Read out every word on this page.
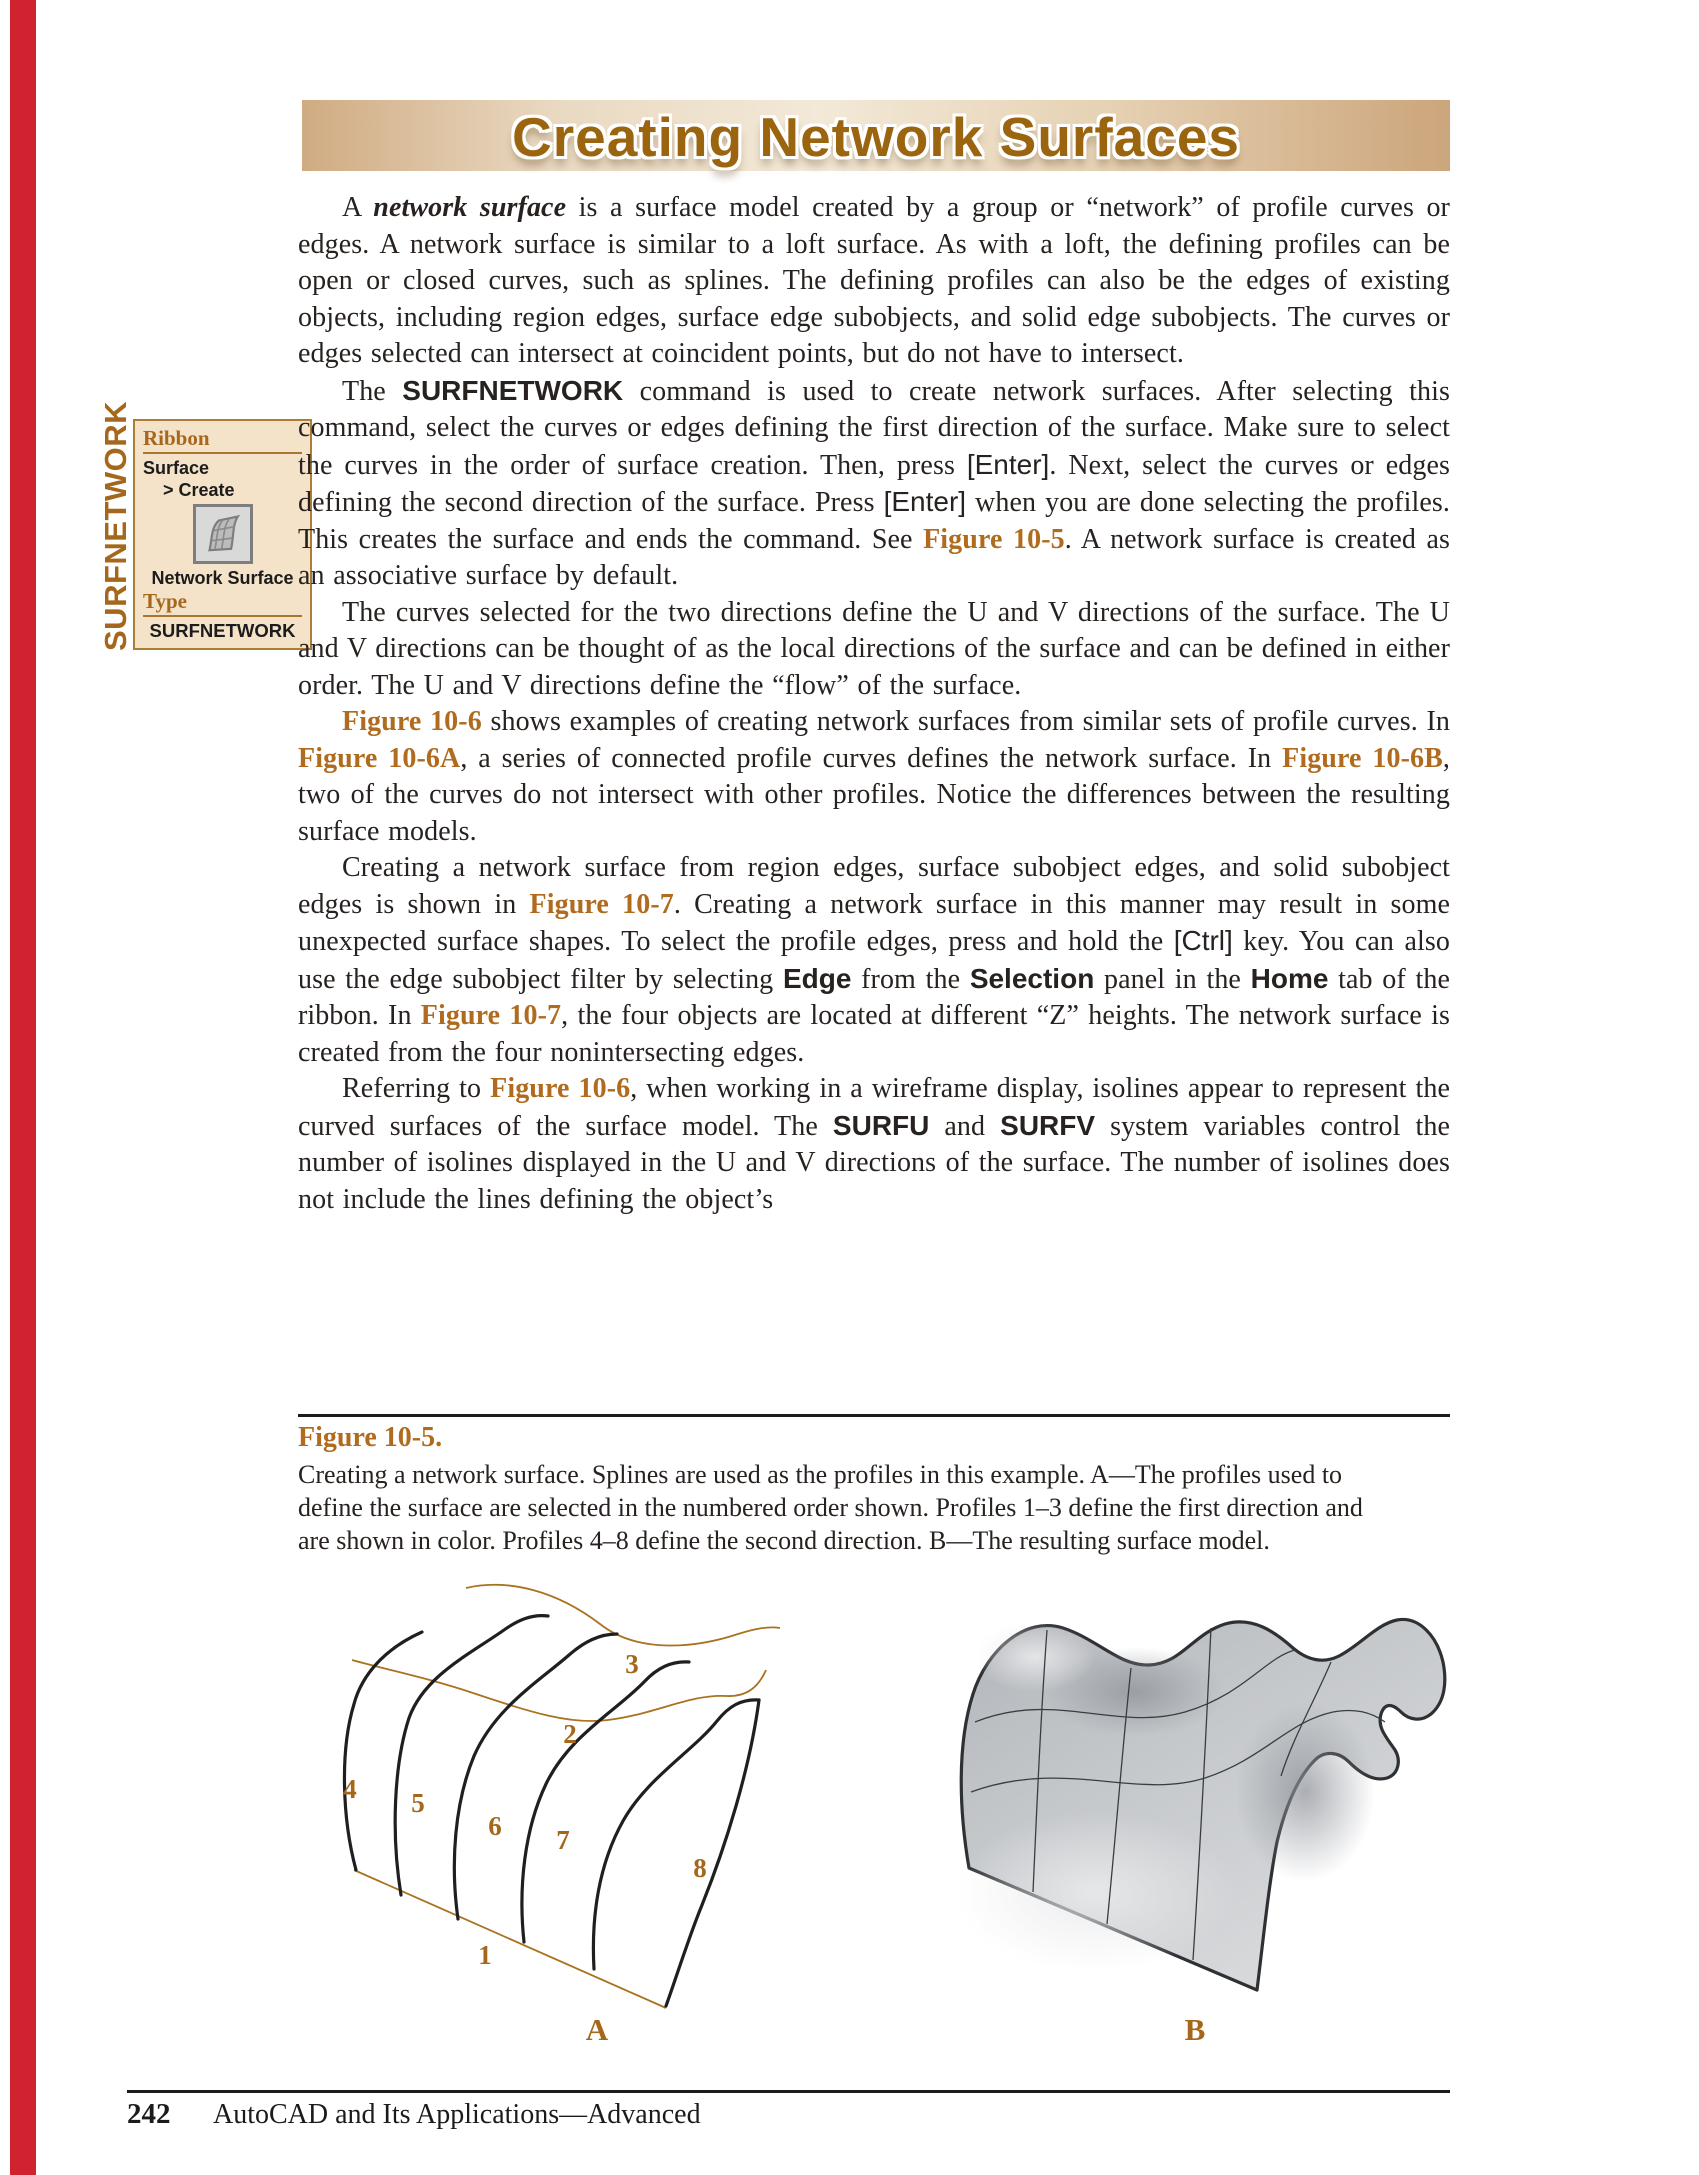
Creating Network Surfaces
SURFNETWORK Ribbon
Surface
> Create
Network Surface
Type
SURFNETWORK

A network surface is a surface model created by a group or “network” of profile curves or edges. A network surface is similar to a loft surface. As with a loft, the defining profiles can be open or closed curves, such as splines. The defining profiles can also be the edges of existing objects, including region edges, surface edge subobjects, and solid edge subobjects. The curves or edges selected can intersect at coincident points, but do not have to intersect.

The SURFNETWORK command is used to create network surfaces. After selecting this command, select the curves or edges defining the first direction of the surface. Make sure to select the curves in the order of surface creation. Then, press [Enter]. Next, select the curves or edges defining the second direction of the surface. Press [Enter] when you are done selecting the profiles. This creates the surface and ends the command. See Figure 10-5. A network surface is created as an associative surface by default.

The curves selected for the two directions define the U and V directions of the surface. The U and V directions can be thought of as the local directions of the surface and can be defined in either order. The U and V directions define the “flow” of the surface.

Figure 10-6 shows examples of creating network surfaces from similar sets of profile curves. In Figure 10-6A, a series of connected profile curves defines the network surface. In Figure 10-6B, two of the curves do not intersect with other profiles. Notice the differences between the resulting surface models.

Creating a network surface from region edges, surface subobject edges, and solid subobject edges is shown in Figure 10-7. Creating a network surface in this manner may result in some unexpected surface shapes. To select the profile edges, press and hold the [Ctrl] key. You can also use the edge subobject filter by selecting Edge from the Selection panel in the Home tab of the ribbon. In Figure 10-7, the four objects are located at different “Z” heights. The network surface is created from the four nonintersecting edges.

Referring to Figure 10-6, when working in a wireframe display, isolines appear to represent the curved surfaces of the surface model. The SURFU and SURFV system variables control the number of isolines displayed in the U and V directions of the surface. The number of isolines does not include the lines defining the object’s

Figure 10-5.
Creating a network surface. Splines are used as the profiles in this example. A—The profiles used to define the surface are selected in the numbered order shown. Profiles 1–3 define the first direction and are shown in color. Profiles 4–8 define the second direction. B—The resulting surface model.
1
2
3
4 5
6 7
8
A	B
242 AutoCAD and Its Applications—Advanced
